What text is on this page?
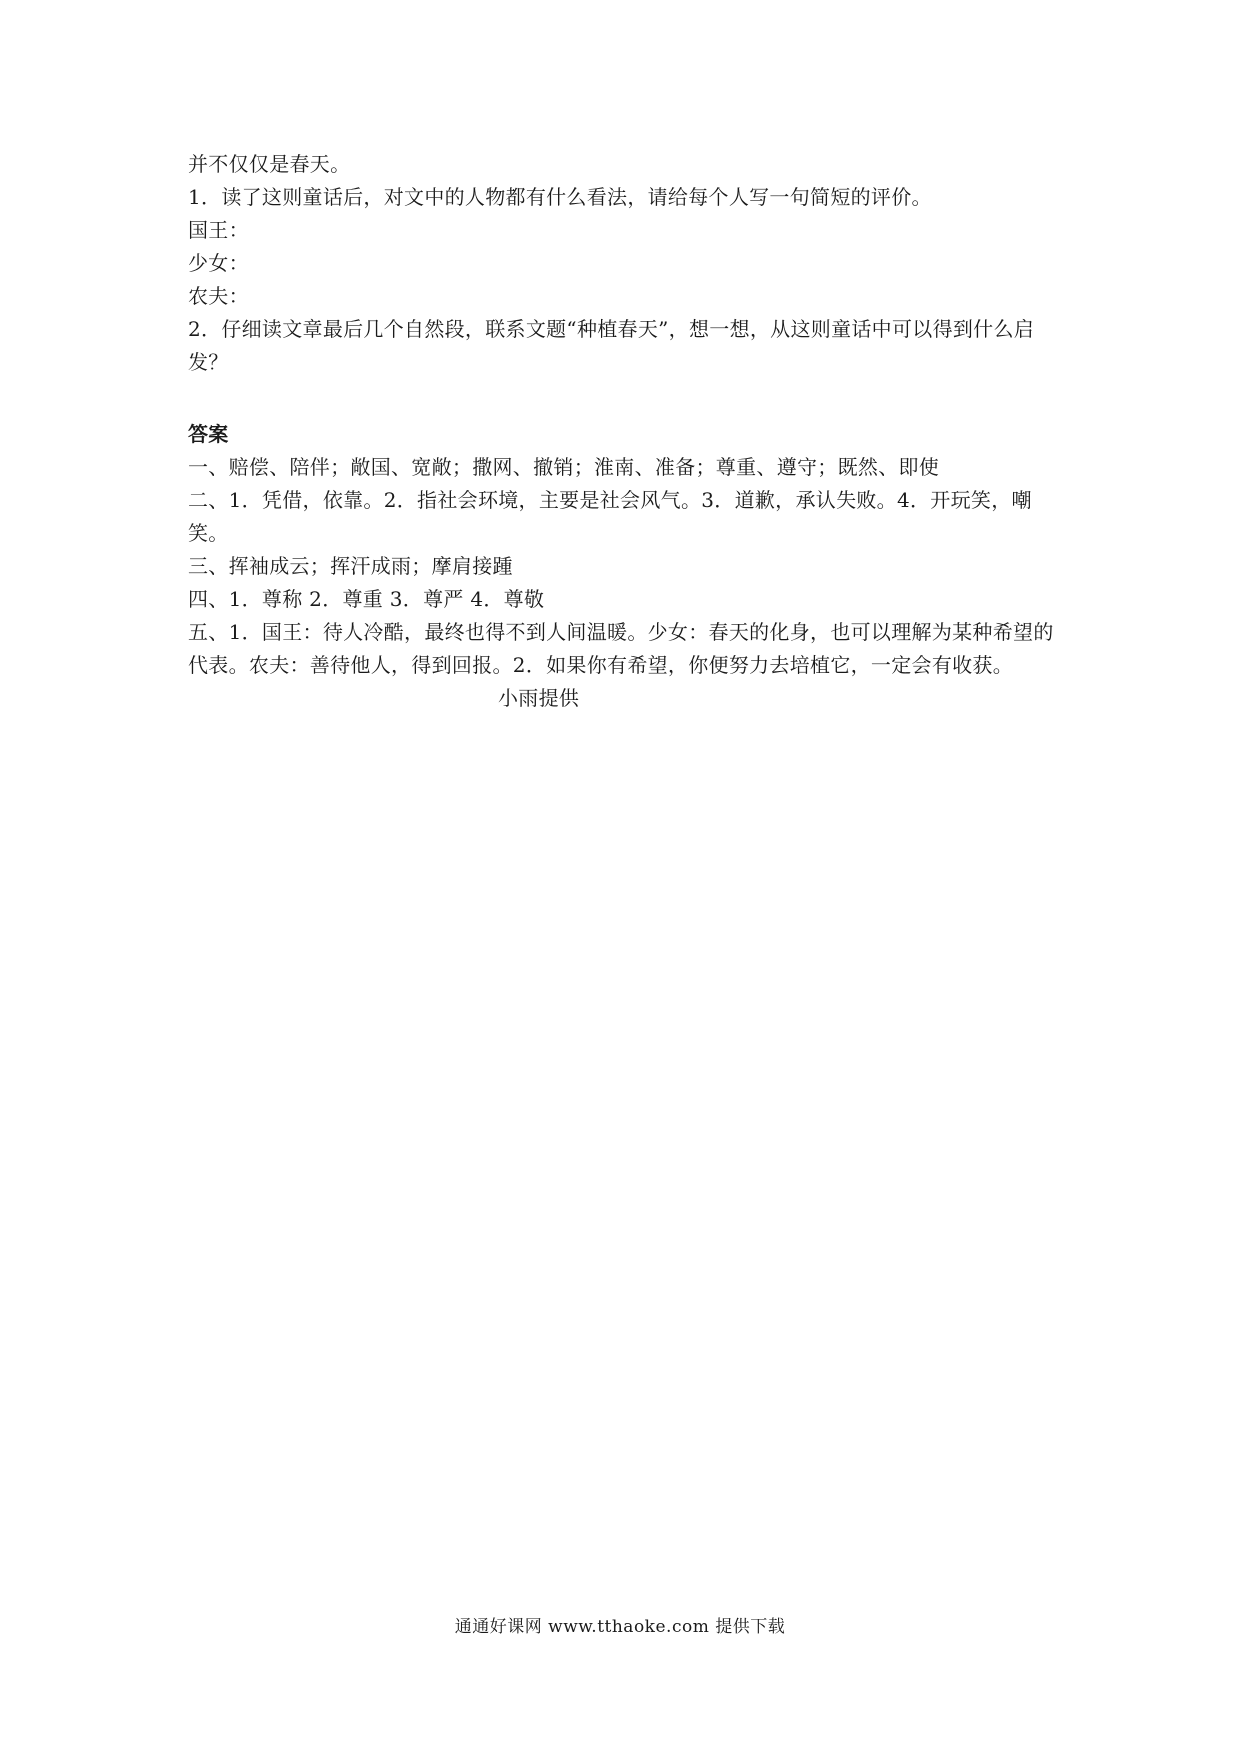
并不仅仅是春天。

1．读了这则童话后，对文中的人物都有什么看法，请给每个人写一句简短的评价。

国王：

少女：

农夫：

2．仔细读文章最后几个自然段，联系文题“种植春天”，想一想，从这则童话中可以得到什么启发？

答案

一、赔偿、陪伴；敞国、宽敞；撒网、撤销；淮南、准备；尊重、遵守；既然、即使

二、1．凭借，依靠。2．指社会环境，主要是社会风气。3．道歉，承认失败。4．开玩笑，嘲笑。

三、挥袖成云；挥汗成雨；摩肩接踵

四、1．尊称 2．尊重 3．尊严 4．尊敬

五、1．国王：待人冷酷，最终也得不到人间温暖。少女：春天的化身，也可以理解为某种希望的代表。农夫：善待他人，得到回报。2．如果你有希望，你便努力去培植它，一定会有收获。

小雨提供

通通好课网 www.tthaoke.com 提供下载
